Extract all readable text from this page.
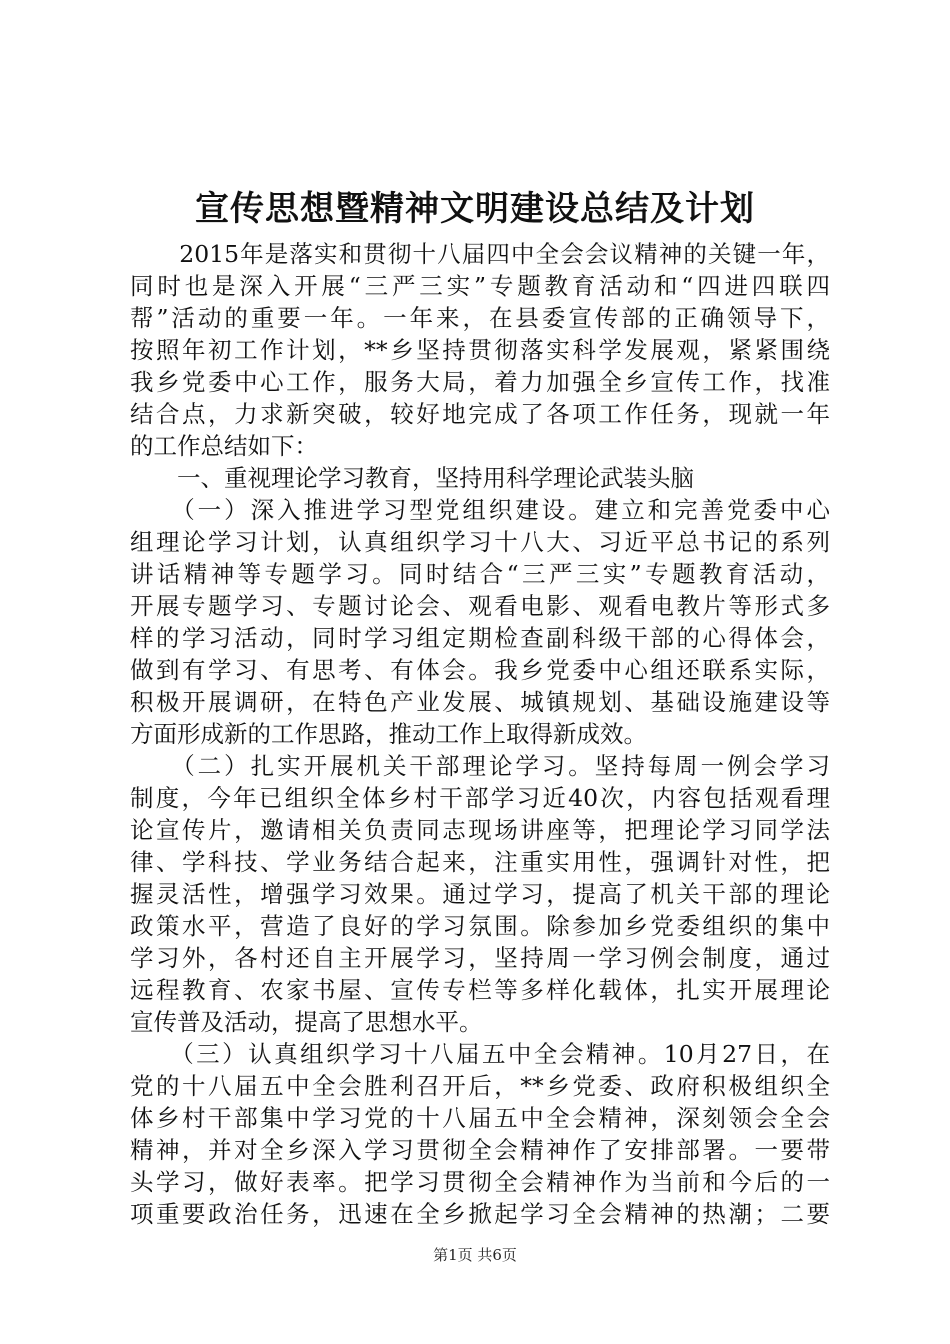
宣传思想暨精神文明建设总结及计划
　　2015年是落实和贯彻十八届四中全会会议精神的关键一年，
同时也是深入开展“三严三实”专题教育活动和“四进四联四
帮”活动的重要一年。一年来，在县委宣传部的正确领导下，
按照年初工作计划，**乡坚持贯彻落实科学发展观，紧紧围绕
我乡党委中心工作，服务大局，着力加强全乡宣传工作，找准
结合点，力求新突破，较好地完成了各项工作任务，现就一年
的工作总结如下：
　　一、重视理论学习教育，坚持用科学理论武装头脑
　　（一）深入推进学习型党组织建设。建立和完善党委中心
组理论学习计划，认真组织学习十八大、习近平总书记的系列
讲话精神等专题学习。同时结合“三严三实”专题教育活动，
开展专题学习、专题讨论会、观看电影、观看电教片等形式多
样的学习活动，同时学习组定期检查副科级干部的心得体会，
做到有学习、有思考、有体会。我乡党委中心组还联系实际，
积极开展调研，在特色产业发展、城镇规划、基础设施建设等
方面形成新的工作思路，推动工作上取得新成效。
　　（二）扎实开展机关干部理论学习。坚持每周一例会学习
制度，今年已组织全体乡村干部学习近40次，内容包括观看理
论宣传片，邀请相关负责同志现场讲座等，把理论学习同学法
律、学科技、学业务结合起来，注重实用性，强调针对性，把
握灵活性，增强学习效果。通过学习，提高了机关干部的理论
政策水平，营造了良好的学习氛围。除参加乡党委组织的集中
学习外，各村还自主开展学习，坚持周一学习例会制度，通过
远程教育、农家书屋、宣传专栏等多样化载体，扎实开展理论
宣传普及活动，提高了思想水平。
　　（三）认真组织学习十八届五中全会精神。10月27日，在
党的十八届五中全会胜利召开后，**乡党委、政府积极组织全
体乡村干部集中学习党的十八届五中全会精神，深刻领会全会
精神，并对全乡深入学习贯彻全会精神作了安排部署。一要带
头学习，做好表率。把学习贯彻全会精神作为当前和今后的一
项重要政治任务，迅速在全乡掀起学习全会精神的热潮；二要
第1页 共6页
